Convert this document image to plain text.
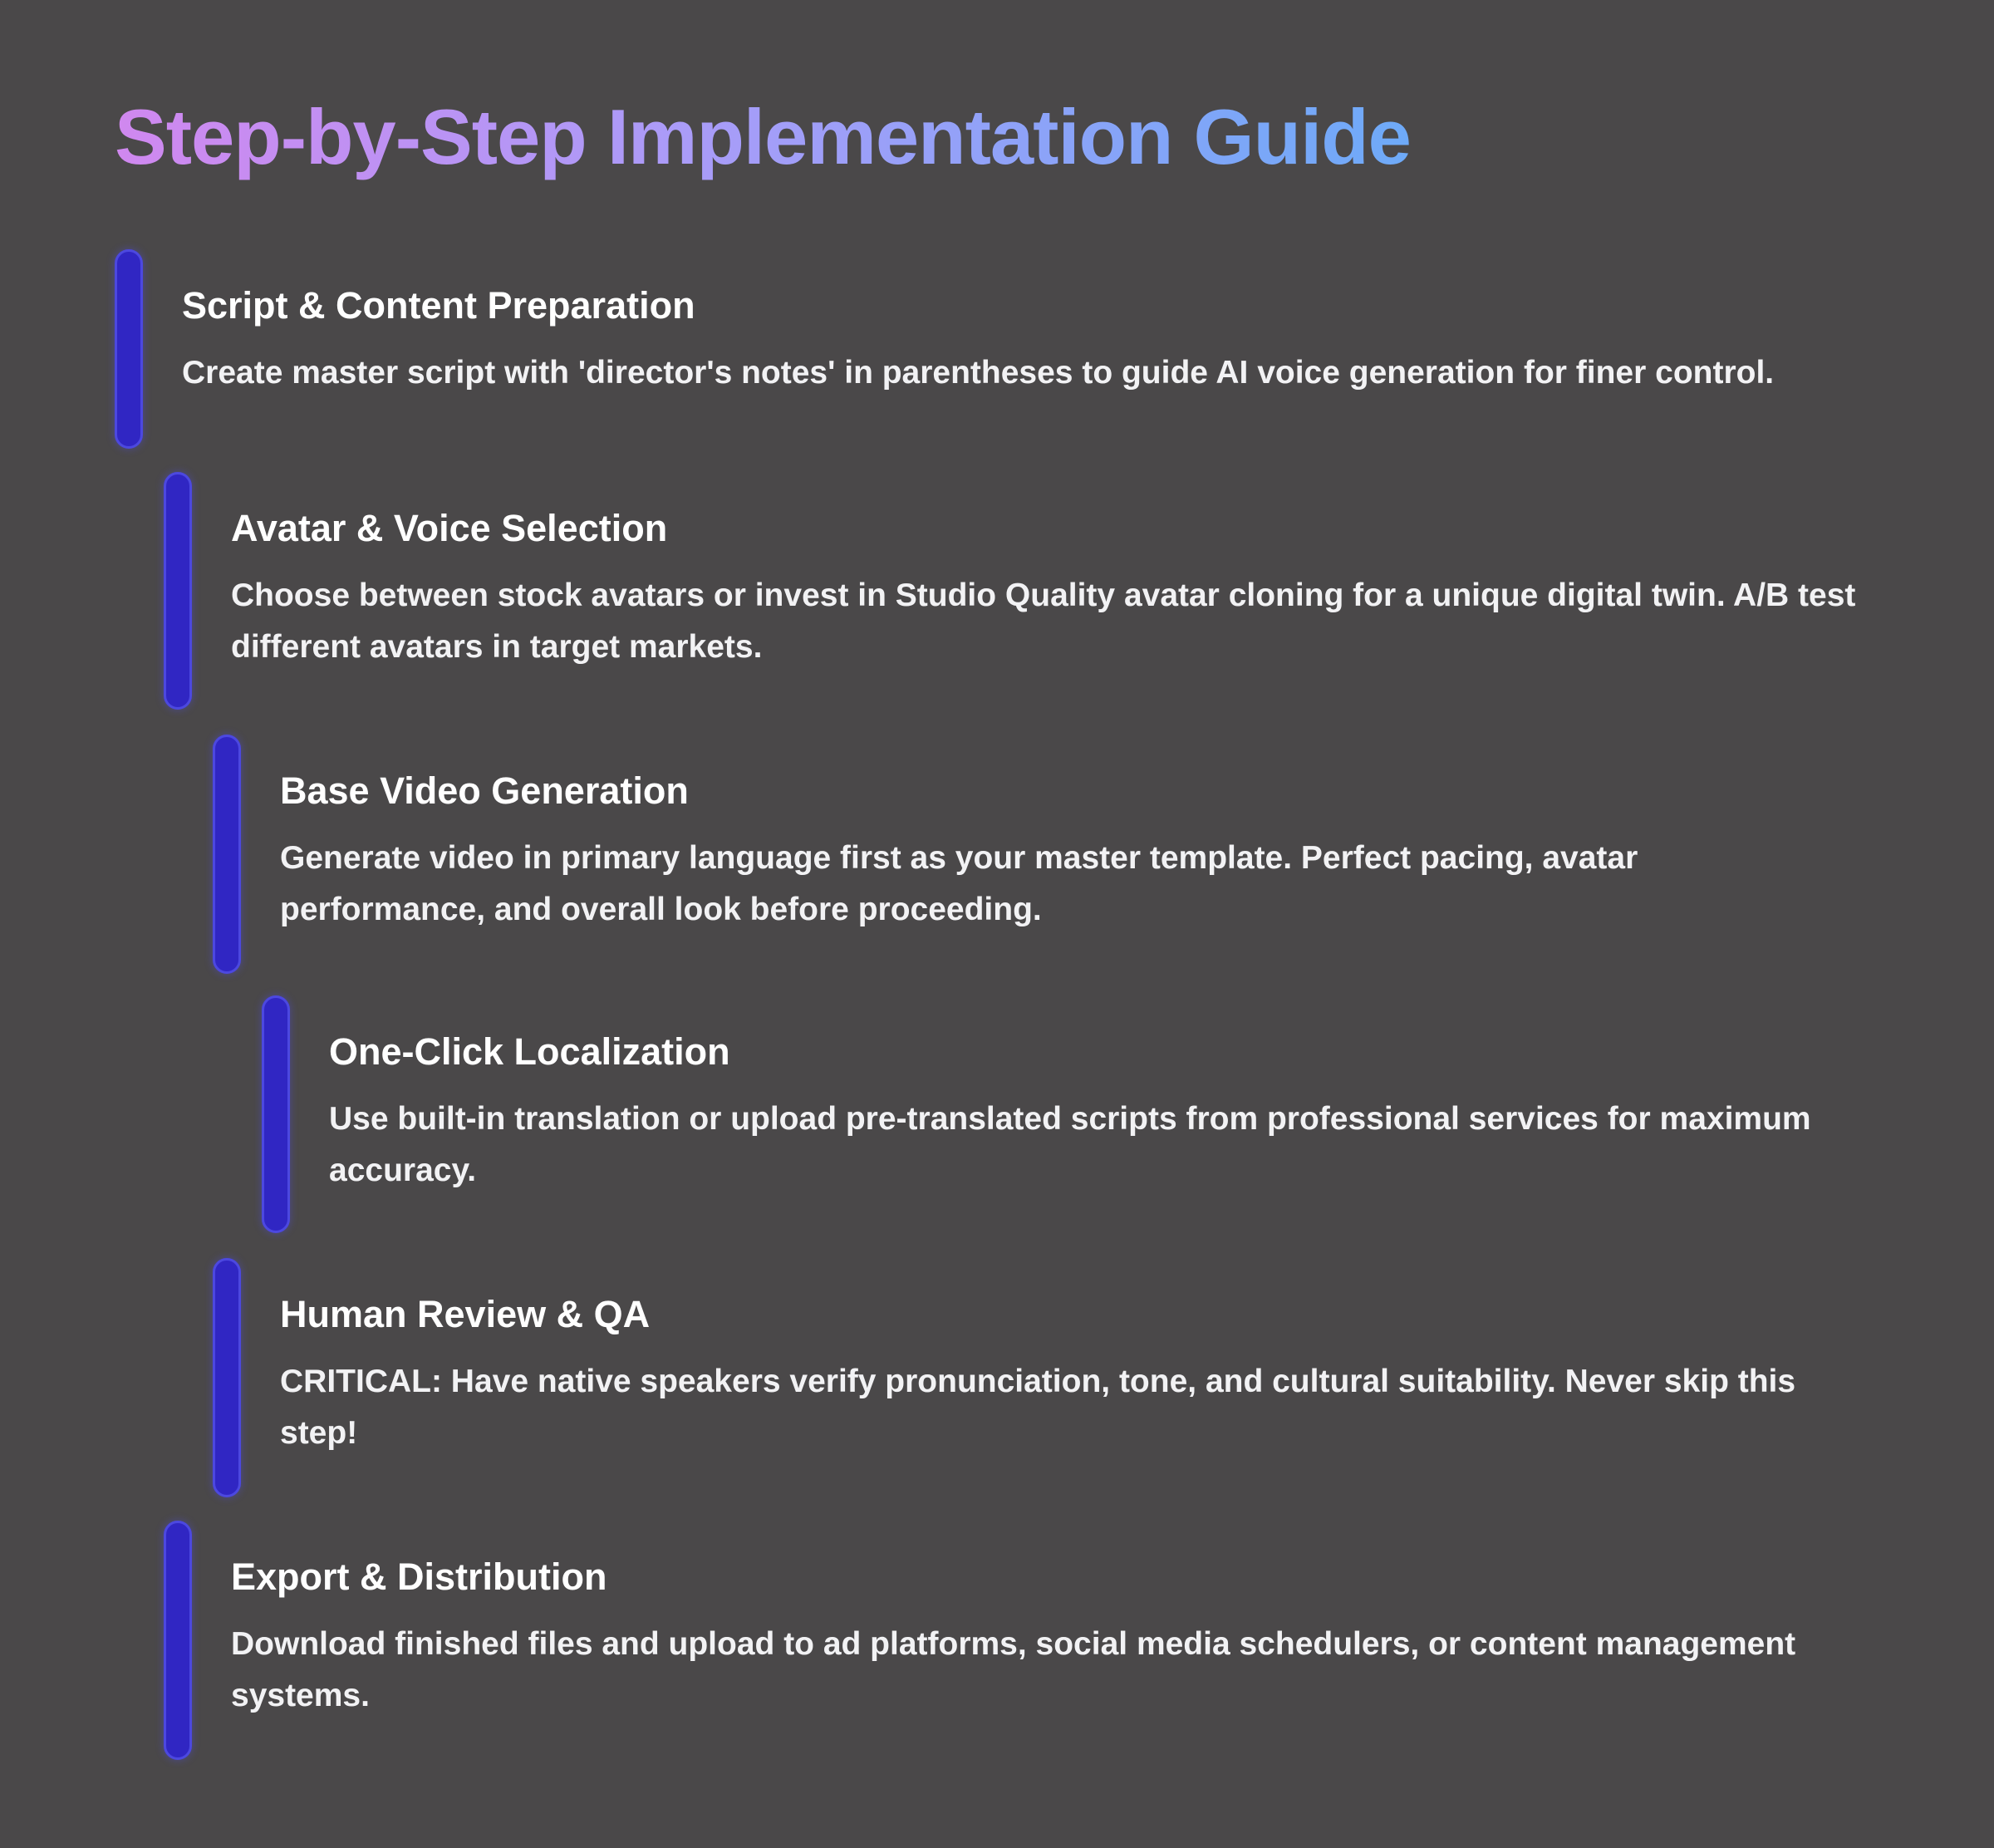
Step-by-Step Implementation Guide
Script & Content Preparation

Create master script with 'director's notes' in parentheses to guide AI voice generation for finer control.

Avatar & Voice Selection

Choose between stock avatars or invest in Studio Quality avatar cloning for a unique digital twin. A/B test different avatars in target markets.

Base Video Generation

Generate video in primary language first as your master template. Perfect pacing, avatar performance, and overall look before proceeding.

One-Click Localization

Use built-in translation or upload pre-translated scripts from professional services for maximum accuracy.

Human Review & QA

CRITICAL: Have native speakers verify pronunciation, tone, and cultural suitability. Never skip this step!

Export & Distribution

Download finished files and upload to ad platforms, social media schedulers, or content management systems.
